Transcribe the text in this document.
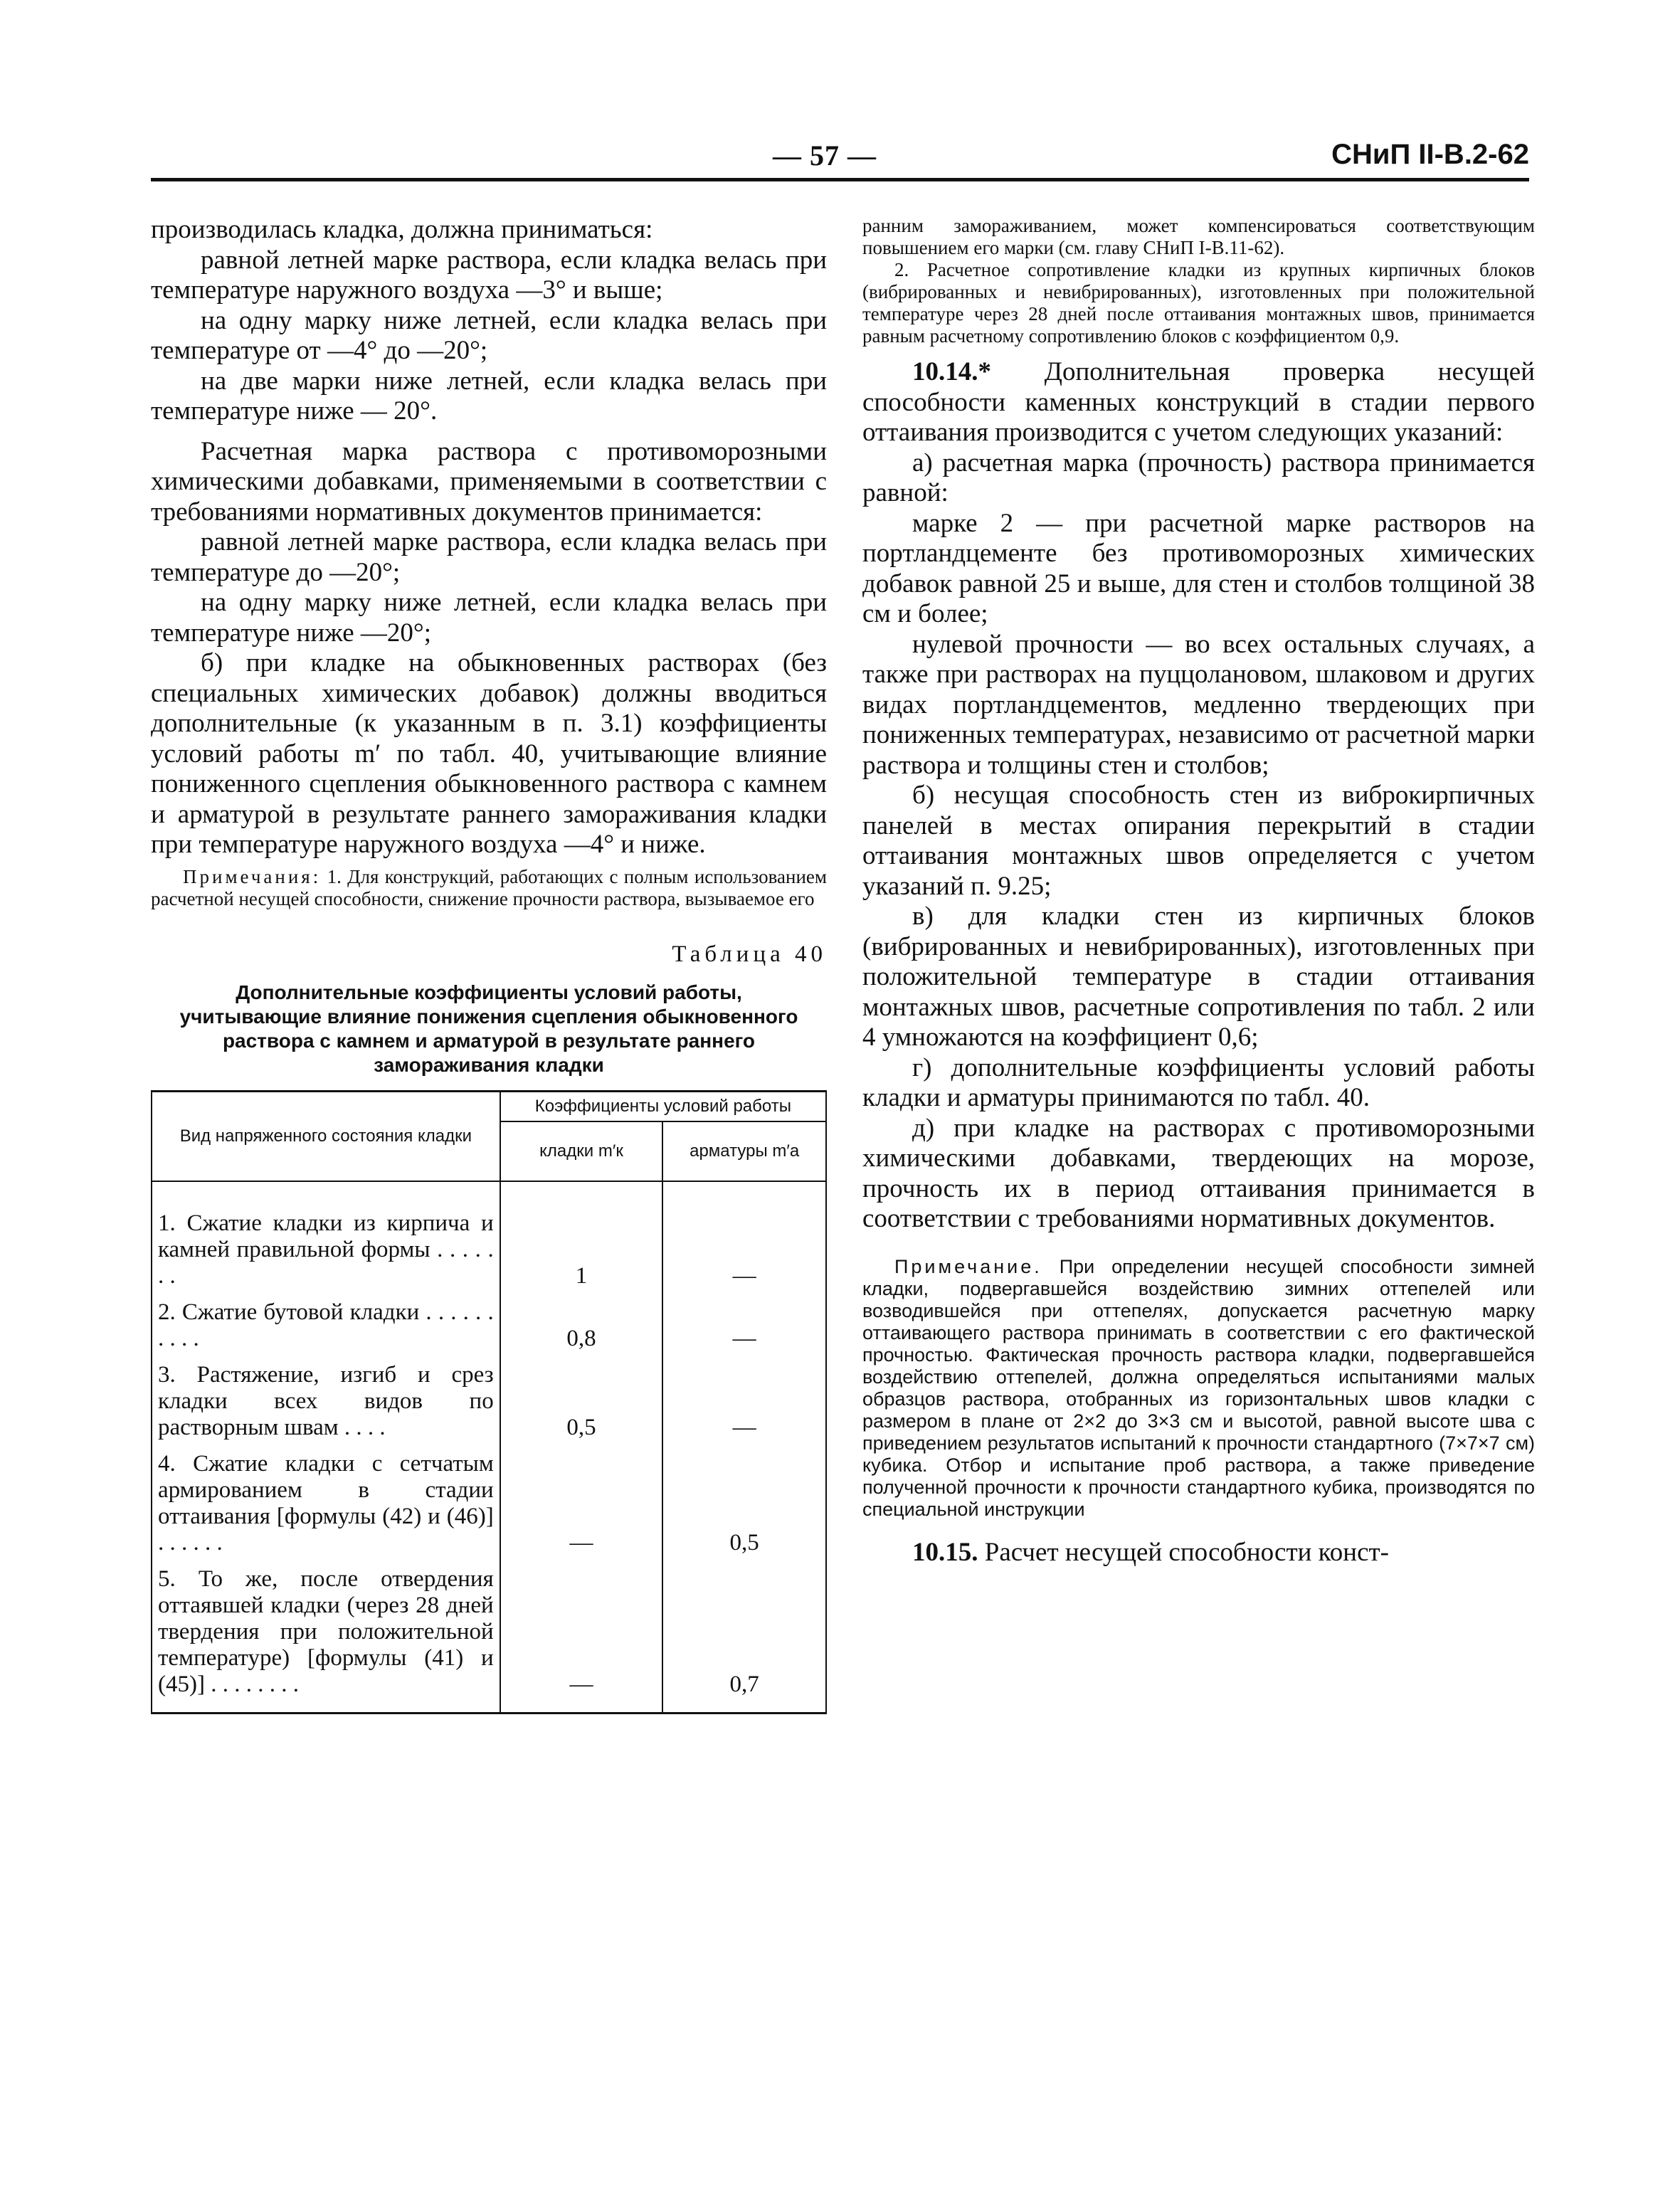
— 57 —	СНиП II-В.2-62

производилась кладка, должна приниматься:

равной летней марке раствора, если кладка велась при температуре наружного воздуха —3° и выше;

на одну марку ниже летней, если кладка велась при температуре от —4° до —20°;

на две марки ниже летней, если кладка велась при температуре ниже — 20°.

Расчетная марка раствора с противоморозными химическими добавками, применяемыми в соответствии с требованиями нормативных документов принимается:

равной летней марке раствора, если кладка велась при температуре до —20°;

на одну марку ниже летней, если кладка велась при температуре ниже —20°;

б) при кладке на обыкновенных растворах (без специальных химических добавок) должны вводиться дополнительные (к указанным в п. 3.1) коэффициенты условий работы m′ по табл. 40, учитывающие влияние пониженного сцепления обыкновенного раствора с камнем и арматурой в результате раннего замораживания кладки при температуре наружного воздуха —4° и ниже.

Примечания: 1. Для конструкций, работающих с полным использованием расчетной несущей способности, снижение прочности раствора, вызываемое его

Таблица 40
Дополнительные коэффициенты условий работы, учитывающие влияние понижения сцепления обыкновенного раствора с камнем и арматурой в результате раннего замораживания кладки
Вид напряженного состояния кладки	Коэффициенты условий работы	
	кладки m′к	арматуры m′а
1. Сжатие кладки из кирпича и камней правильной формы . . . . . . .	1	—
2. Сжатие бутовой кладки . . . . . . . . . .	0,8	—
3. Растяжение, изгиб и срез кладки всех видов по растворным швам . . . .	0,5	—
4. Сжатие кладки с сетчатым армированием в стадии оттаивания [формулы (42) и (46)] . . . . . .	—	0,5
5. То же, после отвердения оттаявшей кладки (через 28 дней твердения при положительной температуре) [формулы (41) и (45)] . . . . . . . .	—	0,7

ранним замораживанием, может компенсироваться соответствующим повышением его марки (см. главу СНиП I-В.11-62).

2. Расчетное сопротивление кладки из крупных кирпичных блоков (вибрированных и невибрированных), изготовленных при положительной температуре через 28 дней после оттаивания монтажных швов, принимается равным расчетному сопротивлению блоков с коэффициентом 0,9.

10.14.* Дополнительная проверка несущей способности каменных конструкций в стадии первого оттаивания производится с учетом следующих указаний:

а) расчетная марка (прочность) раствора принимается равной:

марке 2 — при расчетной марке растворов на портландцементе без противоморозных химических добавок равной 25 и выше, для стен и столбов толщиной 38 см и более;

нулевой прочности — во всех остальных случаях, а также при растворах на пуццолановом, шлаковом и других видах портландцементов, медленно твердеющих при пониженных температурах, независимо от расчетной марки раствора и толщины стен и столбов;

б) несущая способность стен из виброкирпичных панелей в местах опирания перекрытий в стадии оттаивания монтажных швов определяется с учетом указаний п. 9.25;

в) для кладки стен из кирпичных блоков (вибрированных и невибрированных), изготовленных при положительной температуре в стадии оттаивания монтажных швов, расчетные сопротивления по табл. 2 или 4 умножаются на коэффициент 0,6;

г) дополнительные коэффициенты условий работы кладки и арматуры принимаются по табл. 40.

д) при кладке на растворах с противоморозными химическими добавками, твердеющих на морозе, прочность их в период оттаивания принимается в соответствии с требованиями нормативных документов.

Примечание. При определении несущей способности зимней кладки, подвергавшейся воздействию зимних оттепелей или возводившейся при оттепелях, допускается расчетную марку оттаивающего раствора принимать в соответствии с его фактической прочностью. Фактическая прочность раствора кладки, подвергавшейся воздействию оттепелей, должна определяться испытаниями малых образцов раствора, отобранных из горизонтальных швов кладки с размером в плане от 2×2 до 3×3 см и высотой, равной высоте шва с приведением результатов испытаний к прочности стандартного (7×7×7 см) кубика. Отбор и испытание проб раствора, а также приведение полученной прочности к прочности стандартного кубика, производятся по специальной инструкции

10.15. Расчет несущей способности конст-
